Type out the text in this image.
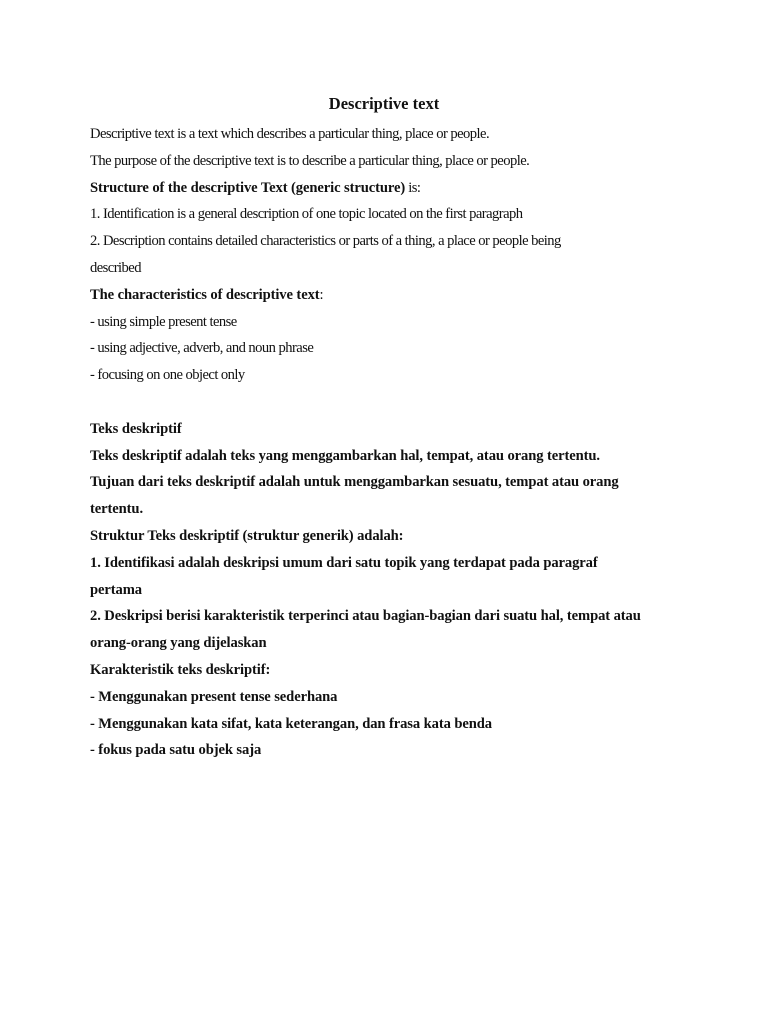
Descriptive text
Descriptive text is a text which describes a particular thing, place or people.
The purpose of the descriptive text is to describe a particular thing, place or people.
Structure of the descriptive Text (generic structure) is:
1. Identification is a general description of one topic located on the first paragraph
2. Description contains detailed characteristics or parts of a thing, a place or people being
described
The characteristics of descriptive text:
- using simple present tense
- using adjective, adverb, and noun phrase
- focusing on one object only
Teks deskriptif
Teks deskriptif adalah teks yang menggambarkan hal, tempat, atau orang tertentu.
Tujuan dari teks deskriptif adalah untuk menggambarkan sesuatu, tempat atau orang
tertentu.
Struktur Teks deskriptif (struktur generik) adalah:
1. Identifikasi adalah deskripsi umum dari satu topik yang terdapat pada paragraf
pertama
2. Deskripsi berisi karakteristik terperinci atau bagian-bagian dari suatu hal, tempat atau
orang-orang yang dijelaskan
Karakteristik teks deskriptif:
- Menggunakan present tense sederhana
- Menggunakan kata sifat, kata keterangan, dan frasa kata benda
- fokus pada satu objek saja
